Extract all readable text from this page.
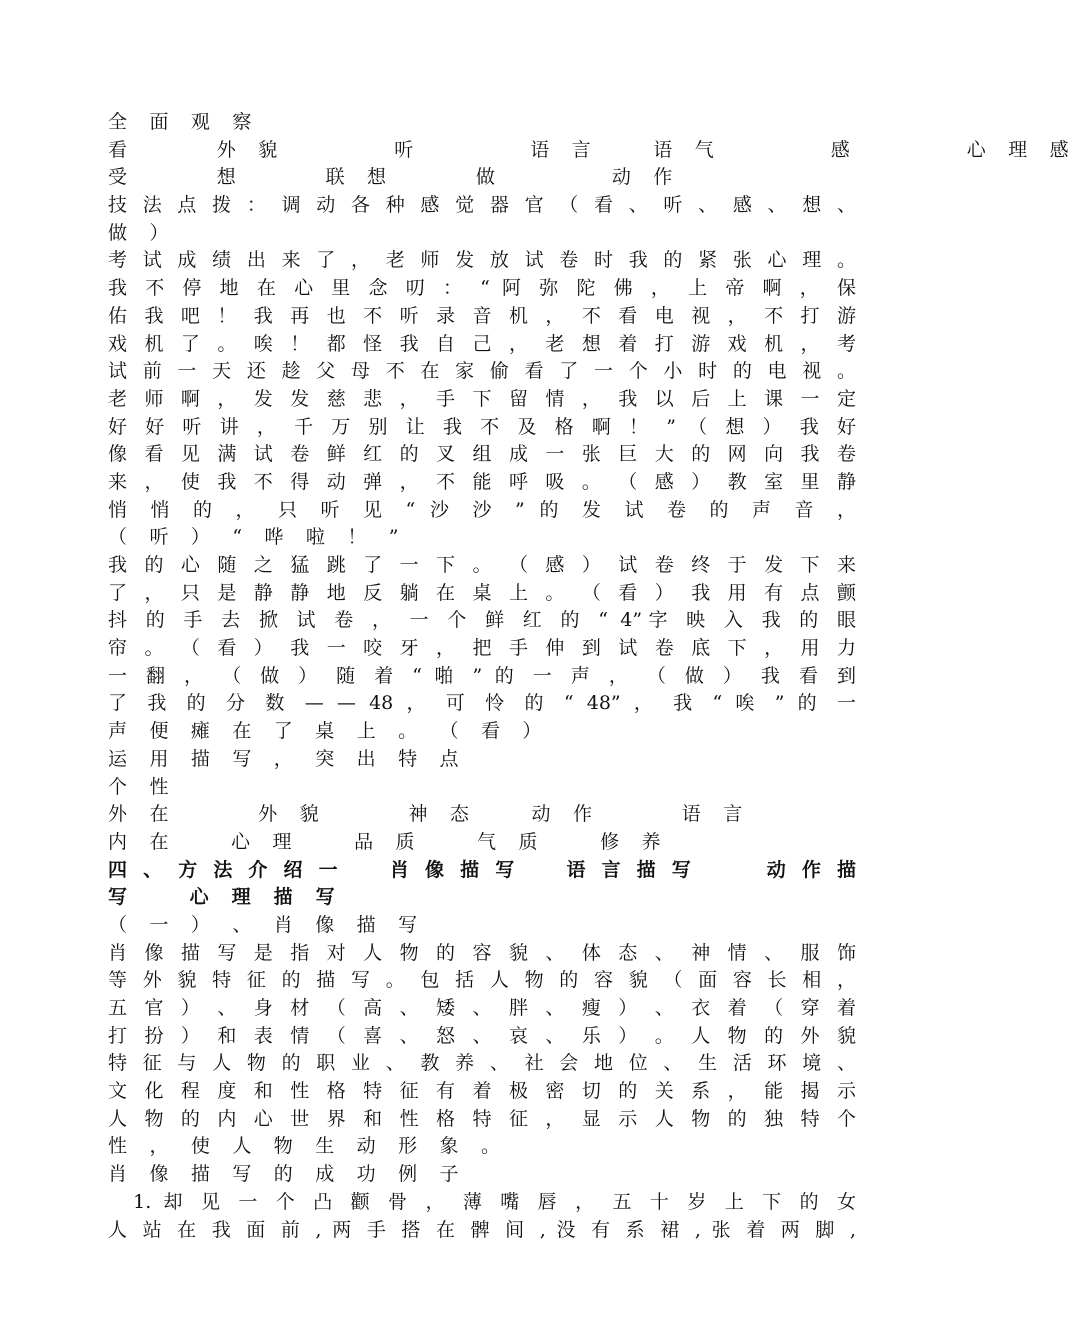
全 面 观 察
看　　　外 貌　　　　听　　　　语 言　　语 气　　　　感　　　　心 理 感
受　　　想　　　联 想　　　做　　　　动 作
技 法 点 拨 ： 调 动 各 种 感 觉 器 官 （ 看 、 听 、 感 、 想 、
做 ）
考 试 成 绩 出 来 了 ， 老 师 发 放 试 卷 时 我 的 紧 张 心 理 。
我 不 停 地 在 心 里 念 叨 ： “ 阿 弥 陀 佛 ， 上 帝 啊 ， 保
佑 我 吧 ！ 我 再 也 不 听 录 音 机 ， 不 看 电 视 ， 不 打 游
戏 机 了 。 唉 ！ 都 怪 我 自 己 ， 老 想 着 打 游 戏 机 ， 考
试 前 一 天 还 趁 父 母 不 在 家 偷 看 了 一 个 小 时 的 电 视 。
老 师 啊 ， 发 发 慈 悲 ， 手 下 留 情 ， 我 以 后 上 课 一 定
好 好 听 讲 ， 千 万 别 让 我 不 及 格 啊 ！ ” （ 想 ） 我 好
像 看 见 满 试 卷 鲜 红 的 叉 组 成 一 张 巨 大 的 网 向 我 卷
来 ， 使 我 不 得 动 弹 ， 不 能 呼 吸 。 （ 感 ） 教 室 里 静
悄 悄 的 ， 只 听 见 “ 沙 沙 ” 的 发 试 卷 的 声 音 ，
（ 听 ） “ 哗 啦 ！ ”
我 的 心 随 之 猛 跳 了 一 下 。 （ 感 ） 试 卷 终 于 发 下 来
了 ， 只 是 静 静 地 反 躺 在 桌 上 。 （ 看 ） 我 用 有 点 颤
抖 的 手 去 掀 试 卷 ， 一 个 鲜 红 的 “ 4”字 映 入 我 的 眼
帘 。 （ 看 ） 我 一 咬 牙 ， 把 手 伸 到 试 卷 底 下 ， 用 力
一 翻 ， （ 做 ） 随 着 “ 啪 ” 的 一 声 ， （ 做 ） 我 看 到
了 我 的 分 数 — — 48 ， 可 怜 的 “ 48” ， 我 “ 唉 ” 的 一
声 便 瘫 在 了 桌 上 。 （ 看 ）
运 用 描 写 ， 突 出 特 点
个 性
外 在　　　外 貌　　　神 态　　动 作　　　语 言
内 在　　心 理　　品 质　　气 质　　修 养
四 、 方 法 介 绍 一　　肖 像 描 写　　语 言 描 写　　　动 作 描
写　　心 理 描 写
（ 一 ） 、 肖 像 描 写
肖 像 描 写 是 指 对 人 物 的 容 貌 、 体 态 、 神 情 、 服 饰
等 外 貌 特 征 的 描 写 。 包 括 人 物 的 容 貌 （ 面 容 长 相 ，
五 官 ） 、 身 材 （ 高 、 矮 、 胖 、 瘦 ） 、 衣 着 （ 穿 着
打 扮 ） 和 表 情 （ 喜 、 怒 、 哀 、 乐 ） 。 人 物 的 外 貌
特 征 与 人 物 的 职 业 、 教 养 、 社 会 地 位 、 生 活 环 境 、
文 化 程 度 和 性 格 特 征 有 着 极 密 切 的 关 系 ， 能 揭 示
人 物 的 内 心 世 界 和 性 格 特 征 ， 显 示 人 物 的 独 特 个
性 ， 使 人 物 生 动 形 象 。
肖 像 描 写 的 成 功 例 子
　1. 却 见 一 个 凸 颧 骨 ， 薄 嘴 唇 ， 五 十 岁 上 下 的 女
人 站 在 我 面 前 , 两 手 搭 在 髀 间 , 没 有 系 裙 , 张 着 两 脚 ,
